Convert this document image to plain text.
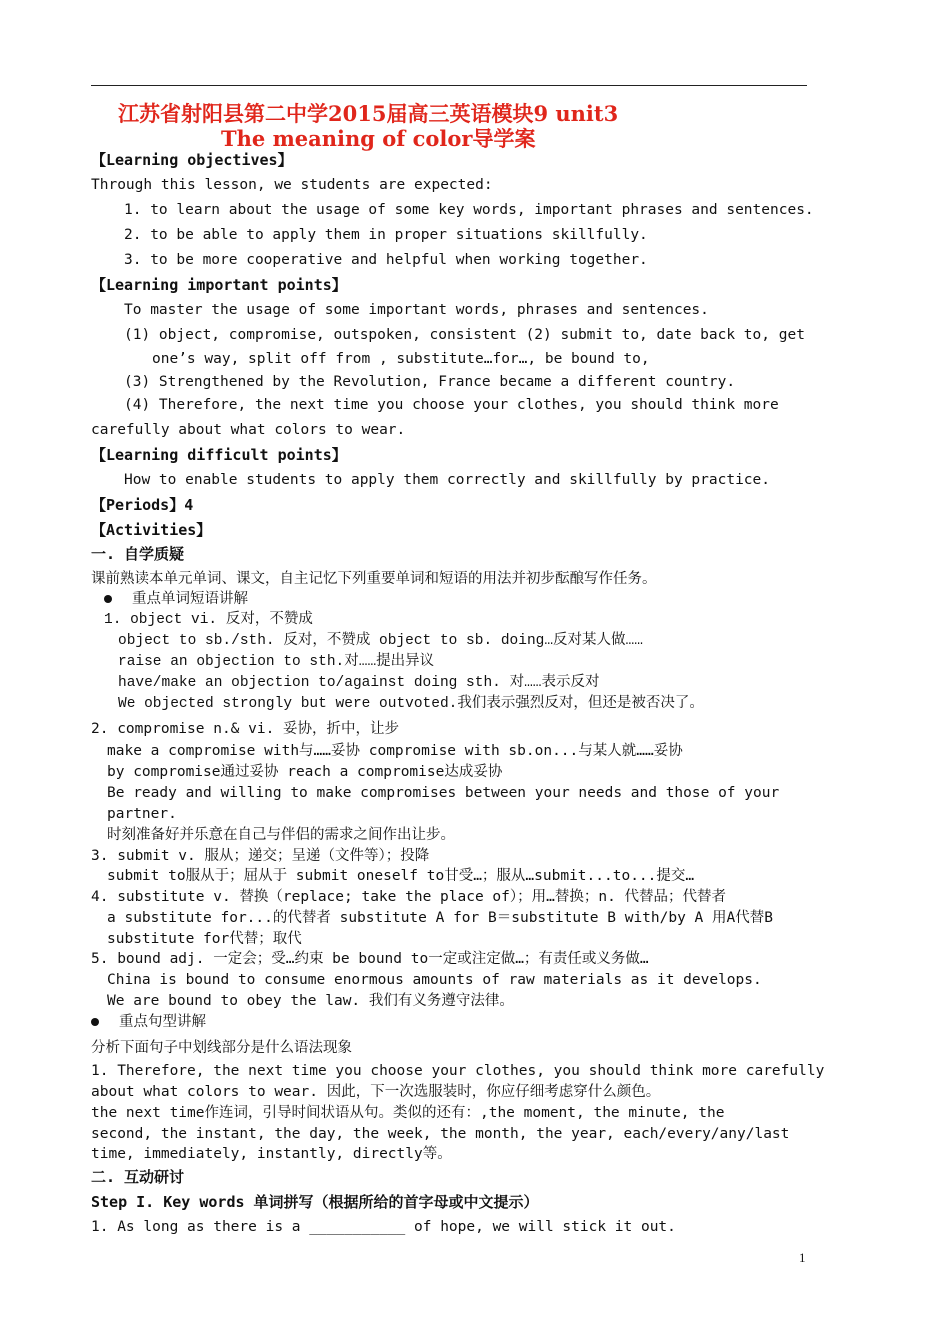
江苏省射阳县第二中学2015届高三英语模块9 unit3
The meaning of color导学案
【Learning objectives】
Through this lesson, we students are expected:
1. to learn about the usage of some key words, important phrases and sentences.
2. to be able to apply them in proper situations skillfully.
3. to be more cooperative and helpful when working together.
【Learning important points】
To master the usage of some important words, phrases and sentences.
(1) object, compromise, outspoken, consistent (2) submit to, date back to, get
one’s way, split off from , substitute…for…, be bound to,
(3) Strengthened by the Revolution, France became a different country.
(4) Therefore, the next time you choose your clothes, you should think more
carefully about what colors to wear.
【Learning difficult points】
How to enable students to apply them correctly and skillfully by practice.
【Periods】4
【Activities】
一. 自学质疑
课前熟读本单元单词、课文，自主记忆下列重要单词和短语的用法并初步酝酿写作任务。
重点单词短语讲解
1. object vi. 反对，不赞成
object to sb./sth. 反对，不赞成 object to sb. doing…反对某人做……
raise an objection to sth.对……提出异议
have/make an objection to/against doing sth. 对……表示反对
We objected strongly but were outvoted.我们表示强烈反对，但还是被否决了。
2. compromise n.& vi. 妥协，折中，让步
make a compromise with与……妥协 compromise with sb.on...与某人就……妥协
by compromise通过妥协 reach a compromise达成妥协
Be ready and willing to make compromises between your needs and those of your
partner.
时刻准备好并乐意在自己与伴侣的需求之间作出让步。
3. submit v. 服从；递交；呈递（文件等）；投降
submit to服从于；屈从于 submit oneself to甘受…；服从…submit...to...提交…
4. substitute v. 替换（replace; take the place of）；用…替换；n. 代替品；代替者
a substitute for...的代替者 substitute A for B＝substitute B with/by A 用A代替B
substitute for代替；取代
5. bound adj. 一定会；受…约束 be bound to一定或注定做…；有责任或义务做…
China is bound to consume enormous amounts of raw materials as it develops.
We are bound to obey the law. 我们有义务遵守法律。
重点句型讲解
分析下面句子中划线部分是什么语法现象
1. Therefore, the next time you choose your clothes, you should think more carefully
about what colors to wear. 因此，下一次选服装时，你应仔细考虑穿什么颜色。
the next time作连词，引导时间状语从句。类似的还有：,the moment, the minute, the
second, the instant, the day, the week, the month, the year, each/every/any/last
time, immediately, instantly, directly等。
二. 互动研讨
Step I. Key words 单词拼写（根据所给的首字母或中文提示）
1. As long as there is a ___________ of hope, we will stick it out.
1
